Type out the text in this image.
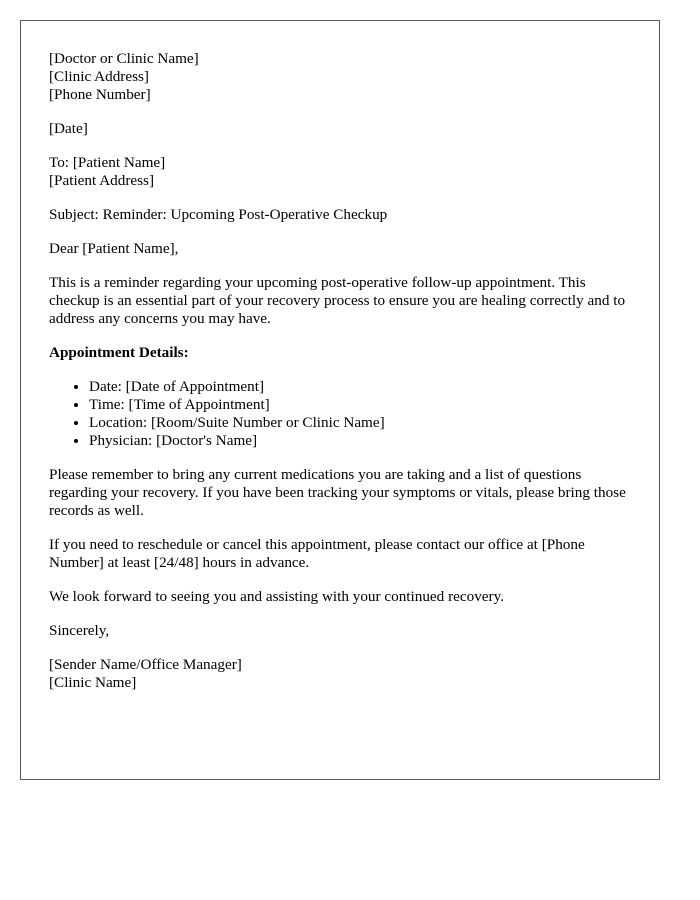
[Doctor or Clinic Name]
[Clinic Address]
[Phone Number]

[Date]

To: [Patient Name]
[Patient Address]

Subject: Reminder: Upcoming Post-Operative Checkup

Dear [Patient Name],

This is a reminder regarding your upcoming post-operative follow-up appointment. This checkup is an essential part of your recovery process to ensure you are healing correctly and to address any concerns you may have.

Appointment Details:

• Date: [Date of Appointment]
• Time: [Time of Appointment]
• Location: [Room/Suite Number or Clinic Name]
• Physician: [Doctor's Name]

Please remember to bring any current medications you are taking and a list of questions regarding your recovery. If you have been tracking your symptoms or vitals, please bring those records as well.

If you need to reschedule or cancel this appointment, please contact our office at [Phone Number] at least [24/48] hours in advance.

We look forward to seeing you and assisting with your continued recovery.

Sincerely,

[Sender Name/Office Manager]
[Clinic Name]
